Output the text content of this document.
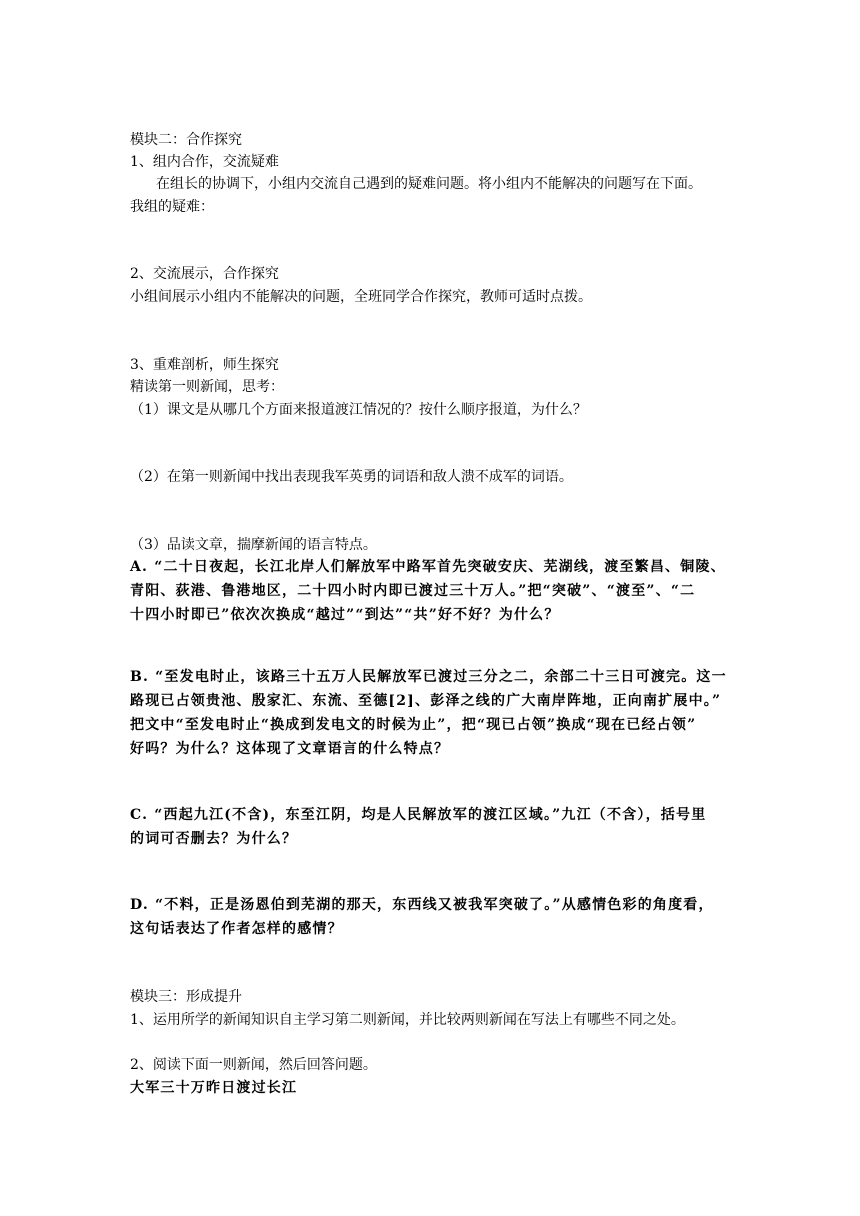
模块二：合作探究
1、组内合作，交流疑难
在组长的协调下，小组内交流自己遇到的疑难问题。将小组内不能解决的问题写在下面。
我组的疑难：
2、交流展示，合作探究
小组间展示小组内不能解决的问题，全班同学合作探究，教师可适时点拨。
3、重难剖析，师生探究
精读第一则新闻，思考：
（1）课文是从哪几个方面来报道渡江情况的？按什么顺序报道，为什么？
（2）在第一则新闻中找出表现我军英勇的词语和敌人溃不成军的词语。
（3）品读文章，揣摩新闻的语言特点。
A. “二十日夜起，长江北岸人们解放军中路军首先突破安庆、芜湖线，渡至繁昌、铜陵、
青阳、荻港、鲁港地区，二十四小时内即已渡过三十万人。”把“突破”、“渡至”、“二
十四小时即已”依次次换成“越过”“到达”“共”好不好？为什么？
B. “至发电时止，该路三十五万人民解放军已渡过三分之二，余部二十三日可渡完。这一
路现已占领贵池、殷家汇、东流、至德[2]、彭泽之线的广大南岸阵地，正向南扩展中。”
把文中“至发电时止“换成到发电文的时候为止”，把“现已占领”换成“现在已经占领”
好吗？为什么？这体现了文章语言的什么特点？
C. “西起九江(不含)，东至江阴，均是人民解放军的渡江区域。”九江（不含），括号里
的词可否删去？为什么？
D. “不料，正是汤恩伯到芜湖的那天，东西线又被我军突破了。”从感情色彩的角度看，
这句话表达了作者怎样的感情？
模块三：形成提升
1、运用所学的新闻知识自主学习第二则新闻，并比较两则新闻在写法上有哪些不同之处。
2、阅读下面一则新闻，然后回答问题。
大军三十万昨日渡过长江
